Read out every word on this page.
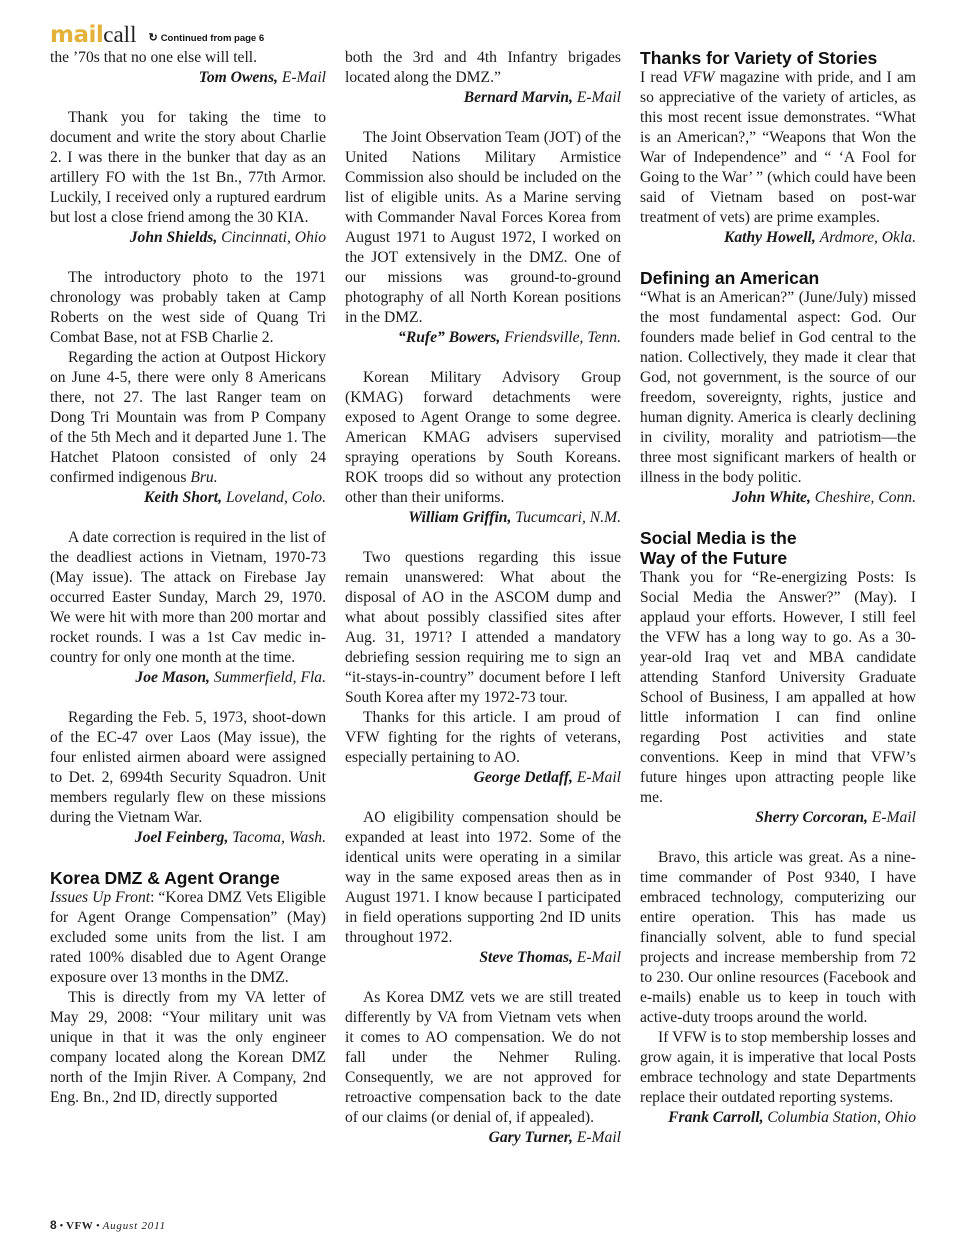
mail call ↻ Continued from page 6

the ’70s that no one else will tell.

Tom Owens, E-Mail

Thank you for taking the time to document and write the story about Charlie 2. I was there in the bunker that day as an artillery FO with the 1st Bn., 77th Armor. Luckily, I received only a ruptured eardrum but lost a close friend among the 30 KIA.

John Shields, Cincinnati, Ohio

The introductory photo to the 1971 chronology was probably taken at Camp Roberts on the west side of Quang Tri Combat Base, not at FSB Charlie 2.

Regarding the action at Outpost Hickory on June 4-5, there were only 8 Americans there, not 27. The last Ranger team on Dong Tri Mountain was from P Company of the 5th Mech and it departed June 1. The Hatchet Platoon consisted of only 24 confirmed indigenous Bru.

Keith Short, Loveland, Colo.

A date correction is required in the list of the deadliest actions in Vietnam, 1970-73 (May issue). The attack on Firebase Jay occurred Easter Sunday, March 29, 1970. We were hit with more than 200 mortar and rocket rounds. I was a 1st Cav medic in-country for only one month at the time.

Joe Mason, Summerfield, Fla.

Regarding the Feb. 5, 1973, shoot-down of the EC-47 over Laos (May issue), the four enlisted airmen aboard were assigned to Det. 2, 6994th Security Squadron. Unit members regularly flew on these missions during the Vietnam War.

Joel Feinberg, Tacoma, Wash.

Korea DMZ & Agent Orange

Issues Up Front: “Korea DMZ Vets Eligible for Agent Orange Compensation” (May) excluded some units from the list. I am rated 100% disabled due to Agent Orange exposure over 13 months in the DMZ.

This is directly from my VA letter of May 29, 2008: “Your military unit was unique in that it was the only engineer company located along the Korean DMZ north of the Imjin River. A Company, 2nd Eng. Bn., 2nd ID, directly supported

both the 3rd and 4th Infantry brigades located along the DMZ.”

Bernard Marvin, E-Mail

The Joint Observation Team (JOT) of the United Nations Military Armistice Commission also should be included on the list of eligible units. As a Marine serving with Commander Naval Forces Korea from August 1971 to August 1972, I worked on the JOT extensively in the DMZ. One of our missions was ground-to-ground photography of all North Korean positions in the DMZ.

“Rufe” Bowers, Friendsville, Tenn.

Korean Military Advisory Group (KMAG) forward detachments were exposed to Agent Orange to some degree. American KMAG advisers supervised spraying operations by South Koreans. ROK troops did so without any protection other than their uniforms.

William Griffin, Tucumcari, N.M.

Two questions regarding this issue remain unanswered: What about the disposal of AO in the ASCOM dump and what about possibly classified sites after Aug. 31, 1971? I attended a mandatory debriefing session requiring me to sign an “it-stays-in-country” document before I left South Korea after my 1972-73 tour.

Thanks for this article. I am proud of VFW fighting for the rights of veterans, especially pertaining to AO.

George Detlaff, E-Mail

AO eligibility compensation should be expanded at least into 1972. Some of the identical units were operating in a similar way in the same exposed areas then as in August 1971. I know because I participated in field operations supporting 2nd ID units throughout 1972.

Steve Thomas, E-Mail

As Korea DMZ vets we are still treated differently by VA from Vietnam vets when it comes to AO compensation. We do not fall under the Nehmer Ruling. Consequently, we are not approved for retroactive compensation back to the date of our claims (or denial of, if appealed).

Gary Turner, E-Mail

Thanks for Variety of Stories

I read VFW magazine with pride, and I am so appreciative of the variety of articles, as this most recent issue demonstrates. “What is an American?,” “Weapons that Won the War of Independence” and “ ‘A Fool for Going to the War’ ” (which could have been said of Vietnam based on post-war treatment of vets) are prime examples.

Kathy Howell, Ardmore, Okla.

Defining an American

“What is an American?” (June/July) missed the most fundamental aspect: God. Our founders made belief in God central to the nation. Collectively, they made it clear that God, not government, is the source of our freedom, sovereignty, rights, justice and human dignity. America is clearly declining in civility, morality and patriotism—the three most significant markers of health or illness in the body politic.

John White, Cheshire, Conn.

Social Media is the
Way of the Future

Thank you for “Re-energizing Posts: Is Social Media the Answer?” (May). I applaud your efforts. However, I still feel the VFW has a long way to go. As a 30-year-old Iraq vet and MBA candidate attending Stanford University Graduate School of Business, I am appalled at how little information I can find online regarding Post activities and state conventions. Keep in mind that VFW’s future hinges upon attracting people like me.

Sherry Corcoran, E-Mail

Bravo, this article was great. As a nine-time commander of Post 9340, I have embraced technology, computerizing our entire operation. This has made us financially solvent, able to fund special projects and increase membership from 72 to 230. Our online resources (Facebook and e-mails) enable us to keep in touch with active-duty troops around the world.

If VFW is to stop membership losses and grow again, it is imperative that local Posts embrace technology and state Departments replace their outdated reporting systems.

Frank Carroll, Columbia Station, Ohio

8 • VFW • August 2011
